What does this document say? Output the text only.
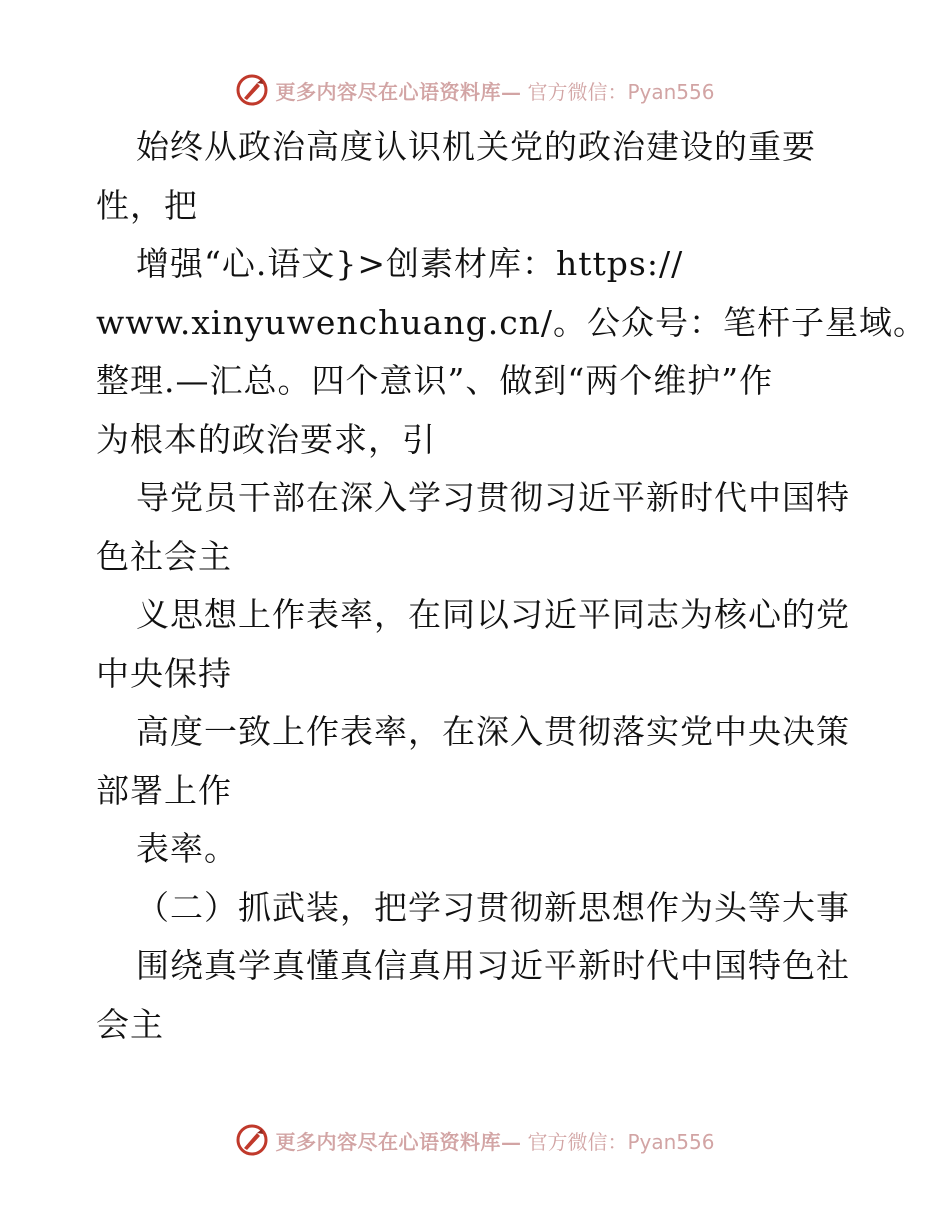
更多内容尽在心语资料库— 官方微信：Pyan556
始终从政治高度认识机关党的政治建设的重要
性，把
增强“心.语文}>创素材库：https://
www.xinyuwenchuang.cn/。公众号：笔杆子星域。
整理.—汇总。四个意识”、做到“两个维护”作
为根本的政治要求，引
导党员干部在深入学习贯彻习近平新时代中国特
色社会主
义思想上作表率，在同以习近平同志为核心的党
中央保持
高度一致上作表率，在深入贯彻落实党中央决策
部署上作
表率。
（二）抓武装，把学习贯彻新思想作为头等大事
围绕真学真懂真信真用习近平新时代中国特色社
会主
更多内容尽在心语资料库— 官方微信：Pyan556
